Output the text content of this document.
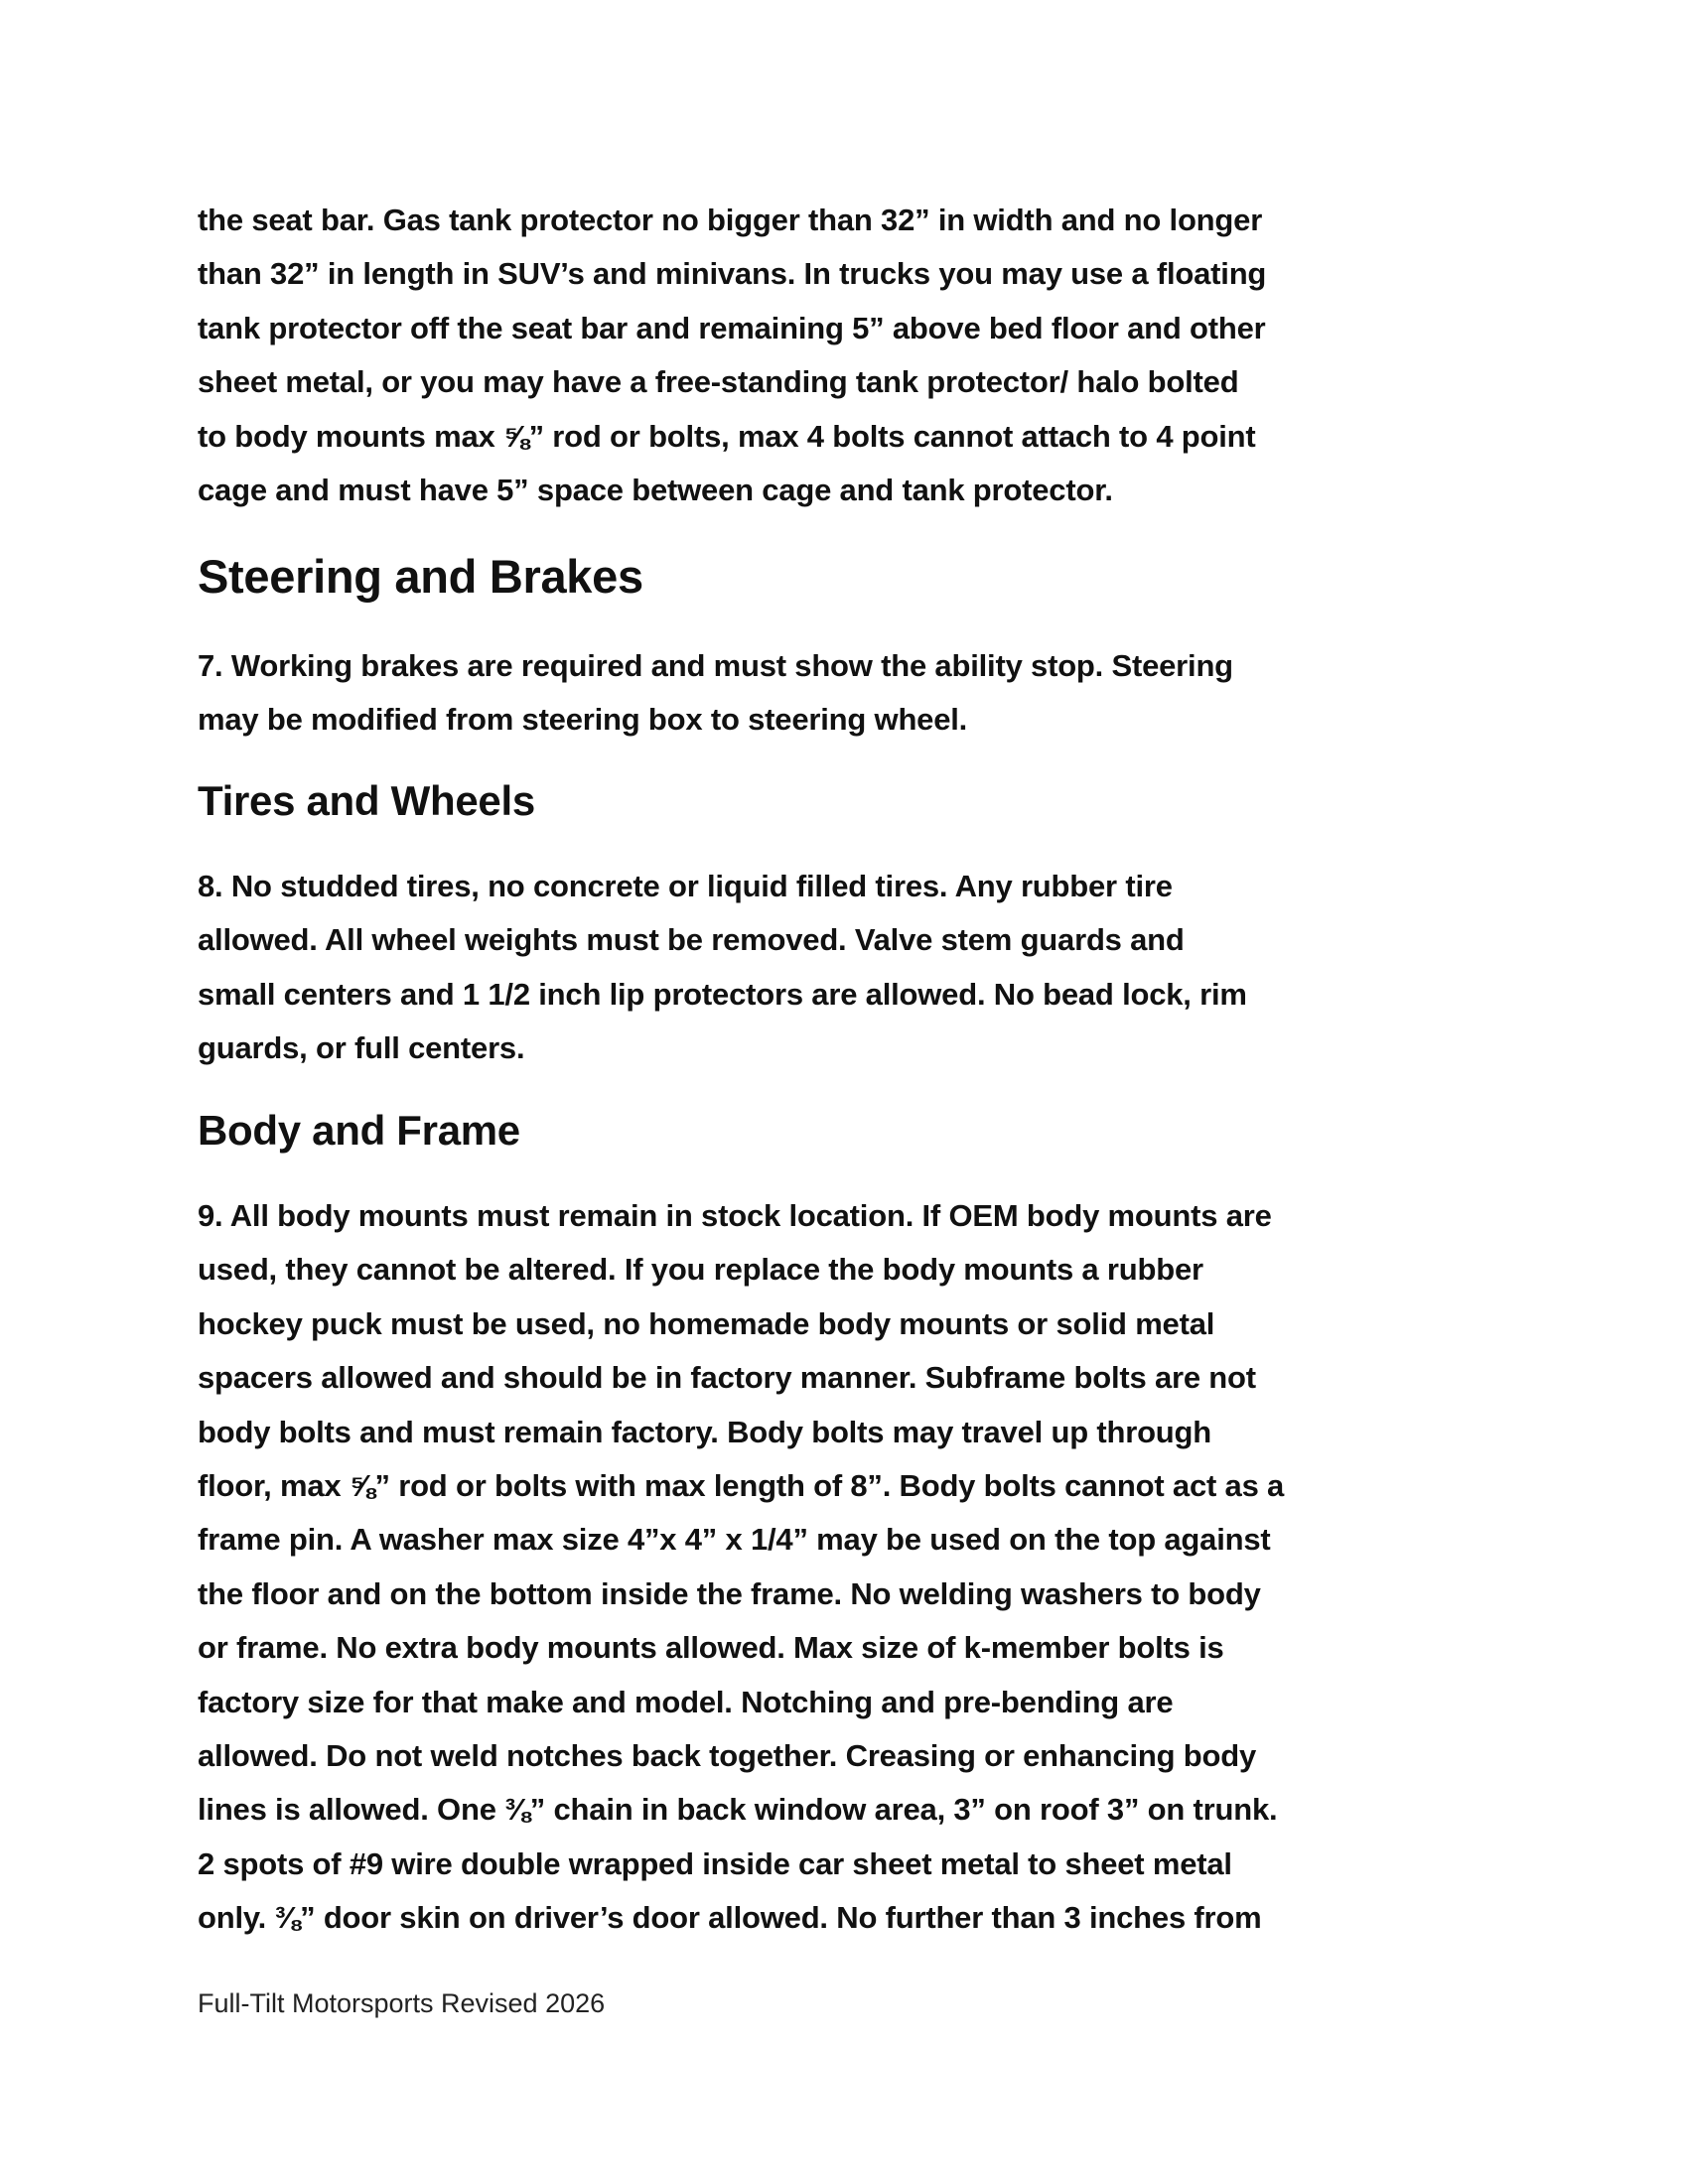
the seat bar. Gas tank protector no bigger than 32” in width and no longer
than 32” in length in SUV’s and minivans. In trucks you may use a floating
tank protector off the seat bar and remaining 5” above bed floor and other
sheet metal, or you may have a free-standing tank protector/ halo bolted
to body mounts max ⅝” rod or bolts, max 4 bolts cannot attach to 4 point
cage and must have 5” space between cage and tank protector.
Steering and Brakes
7. Working brakes are required and must show the ability stop. Steering
may be modified from steering box to steering wheel.
Tires and Wheels
8. No studded tires, no concrete or liquid filled tires. Any rubber tire
allowed. All wheel weights must be removed. Valve stem guards and
small centers and 1 1/2 inch lip protectors are allowed. No bead lock, rim
guards, or full centers.
Body and Frame
9. All body mounts must remain in stock location. If OEM body mounts are
used, they cannot be altered. If you replace the body mounts a rubber
hockey puck must be used, no homemade body mounts or solid metal
spacers allowed and should be in factory manner. Subframe bolts are not
body bolts and must remain factory. Body bolts may travel up through
floor, max ⅝” rod or bolts with max length of 8”. Body bolts cannot act as a
frame pin. A washer max size 4”x 4” x 1/4” may be used on the top against
the floor and on the bottom inside the frame. No welding washers to body
or frame. No extra body mounts allowed. Max size of k-member bolts is
factory size for that make and model. Notching and pre-bending are
allowed. Do not weld notches back together. Creasing or enhancing body
lines is allowed. One ⅜” chain in back window area, 3” on roof 3” on trunk.
2 spots of #9 wire double wrapped inside car sheet metal to sheet metal
only. ⅜” door skin on driver’s door allowed. No further than 3 inches from
Full-Tilt Motorsports Revised 2026
